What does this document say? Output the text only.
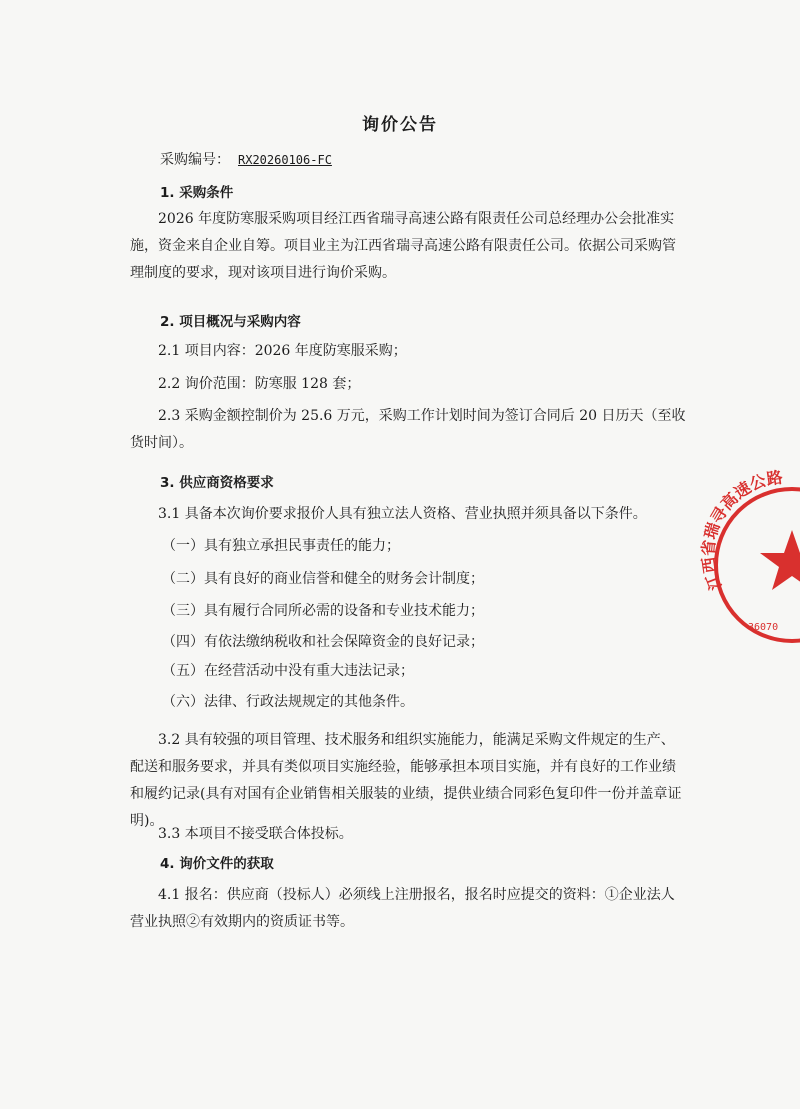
询价公告
采购编号： RX20260106-FC
1. 采购条件
2026 年度防寒服采购项目经江西省瑞寻高速公路有限责任公司总经理办公会批准实施，资金来自企业自筹。项目业主为江西省瑞寻高速公路有限责任公司。依据公司采购管理制度的要求，现对该项目进行询价采购。
2. 项目概况与采购内容
2.1 项目内容：2026 年度防寒服采购；
2.2 询价范围：防寒服 128 套；
2.3 采购金额控制价为 25.6 万元，采购工作计划时间为签订合同后 20 日历天（至收货时间）。
3. 供应商资格要求
3.1 具备本次询价要求报价人具有独立法人资格、营业执照并须具备以下条件。
（一）具有独立承担民事责任的能力；
（二）具有良好的商业信誉和健全的财务会计制度；
（三）具有履行合同所必需的设备和专业技术能力；
（四）有依法缴纳税收和社会保障资金的良好记录；
（五）在经营活动中没有重大违法记录；
（六）法律、行政法规规定的其他条件。
3.2 具有较强的项目管理、技术服务和组织实施能力，能满足采购文件规定的生产、配送和服务要求，并具有类似项目实施经验，能够承担本项目实施，并有良好的工作业绩和履约记录(具有对国有企业销售相关服装的业绩，提供业绩合同彩色复印件一份并盖章证明)。
3.3 本项目不接受联合体投标。
4. 询价文件的获取
4.1 报名：供应商（投标人）必须线上注册报名，报名时应提交的资料：①企业法人营业执照②有效期内的资质证书等。
江西省瑞寻高速公路
36070
